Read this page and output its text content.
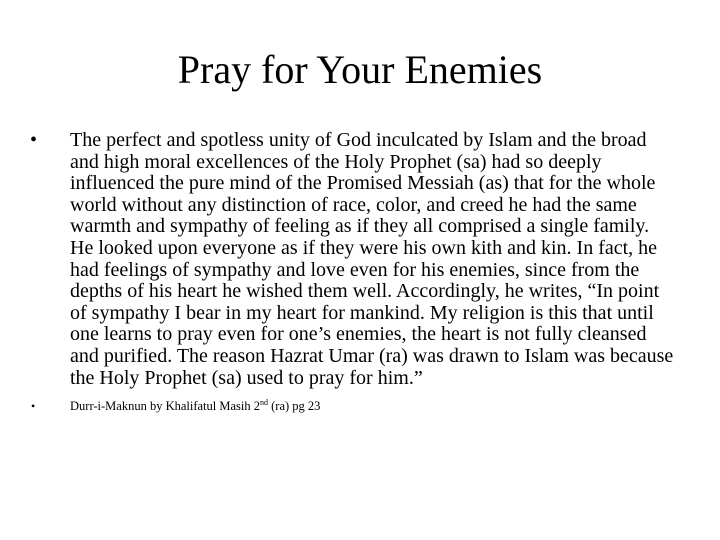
Pray for Your Enemies
• The perfect and spotless unity of God inculcated by Islam and the broad
and high moral excellences of the Holy Prophet (sa) had so deeply
influenced the pure mind of the Promised Messiah (as) that for the whole
world without any distinction of race, color, and creed he had the same
warmth and sympathy of feeling as if they all comprised a single family.
He looked upon everyone as if they were his own kith and kin. In fact, he
had feelings of sympathy and love even for his enemies, since from the
depths of his heart he wished them well. Accordingly, he writes, “In point
of sympathy I bear in my heart for mankind. My religion is this that until
one learns to pray even for one’s enemies, the heart is not fully cleansed
and purified. The reason Hazrat Umar (ra) was drawn to Islam was because
the Holy Prophet (sa) used to pray for him.”
•	Durr-i-Maknun by Khalifatul Masih 2nd (ra) pg 23
